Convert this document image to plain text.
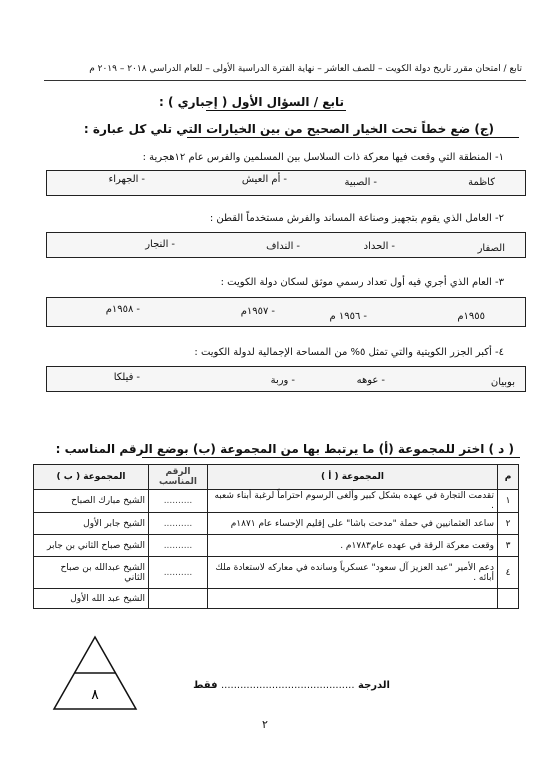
تابع / امتحان مقرر تاريخ دولة الكويت – للصف العاشر – نهاية الفترة الدراسية الأولى – للعام الدراسي ٢٠١٨ – ٢٠١٩ م
تابع / السؤال الأول ( إجباري ) :
(ج) ضع خطاً تحت الخيار الصحيح من بين الخيارات التي تلي كل عبارة :
١- المنطقة التي وقعت فيها معركة ذات السلاسل بين المسلمين والفرس عام ١٢هجرية :
كاظمة
-الصبية
-أم العيش
-الجهراء
٢- العامل الذي يقوم بتجهيز وصناعة المساند والفرش مستخدماً القطن :
الصفار
-الحداد
-النداف
-النجار
٣- العام الذي أجري فيه أول تعداد رسمي موثق لسكان دولة الكويت :
١٩٥٥م
-١٩٥٦ م
-١٩٥٧م
-١٩٥٨م
٤- أكبر الجزر الكويتية والتي تمثل ٥% من المساحة الإجمالية لدولة الكويت :
بوبيان
-عوهه
-وربة
-فيلكا
( د ) اختر للمجموعة (أ) ما يرتبط بها من المجموعة (ب) بوضع الرقم المناسب :
م	المجموعة ( أ )	الرقم المناسب	المجموعة ( ب )
١	تقدمت التجارة في عهده بشكل كبير وألغى الرسوم احتراماً لرغبة أبناء شعبه .	..........	الشيخ مبارك الصباح
٢	ساعد العثمانيين في حملة "مدحت باشا" على إقليم الإحساء عام ١٨٧١م	..........	الشيخ جابر الأول
٣	وقعت معركة الرقة في عهده عام١٧٨٣م .	..........	الشيخ صباح الثاني بن جابر
٤	دعم الأمير "عبد العزيز آل سعود" عسكرياً وسانده في معاركه لاستعادة ملك أبائه .	..........	الشيخ عبدالله بن صباح الثاني
			الشيخ عبد الله الأول
٨
الدرجة .......................................... فقط
٢
